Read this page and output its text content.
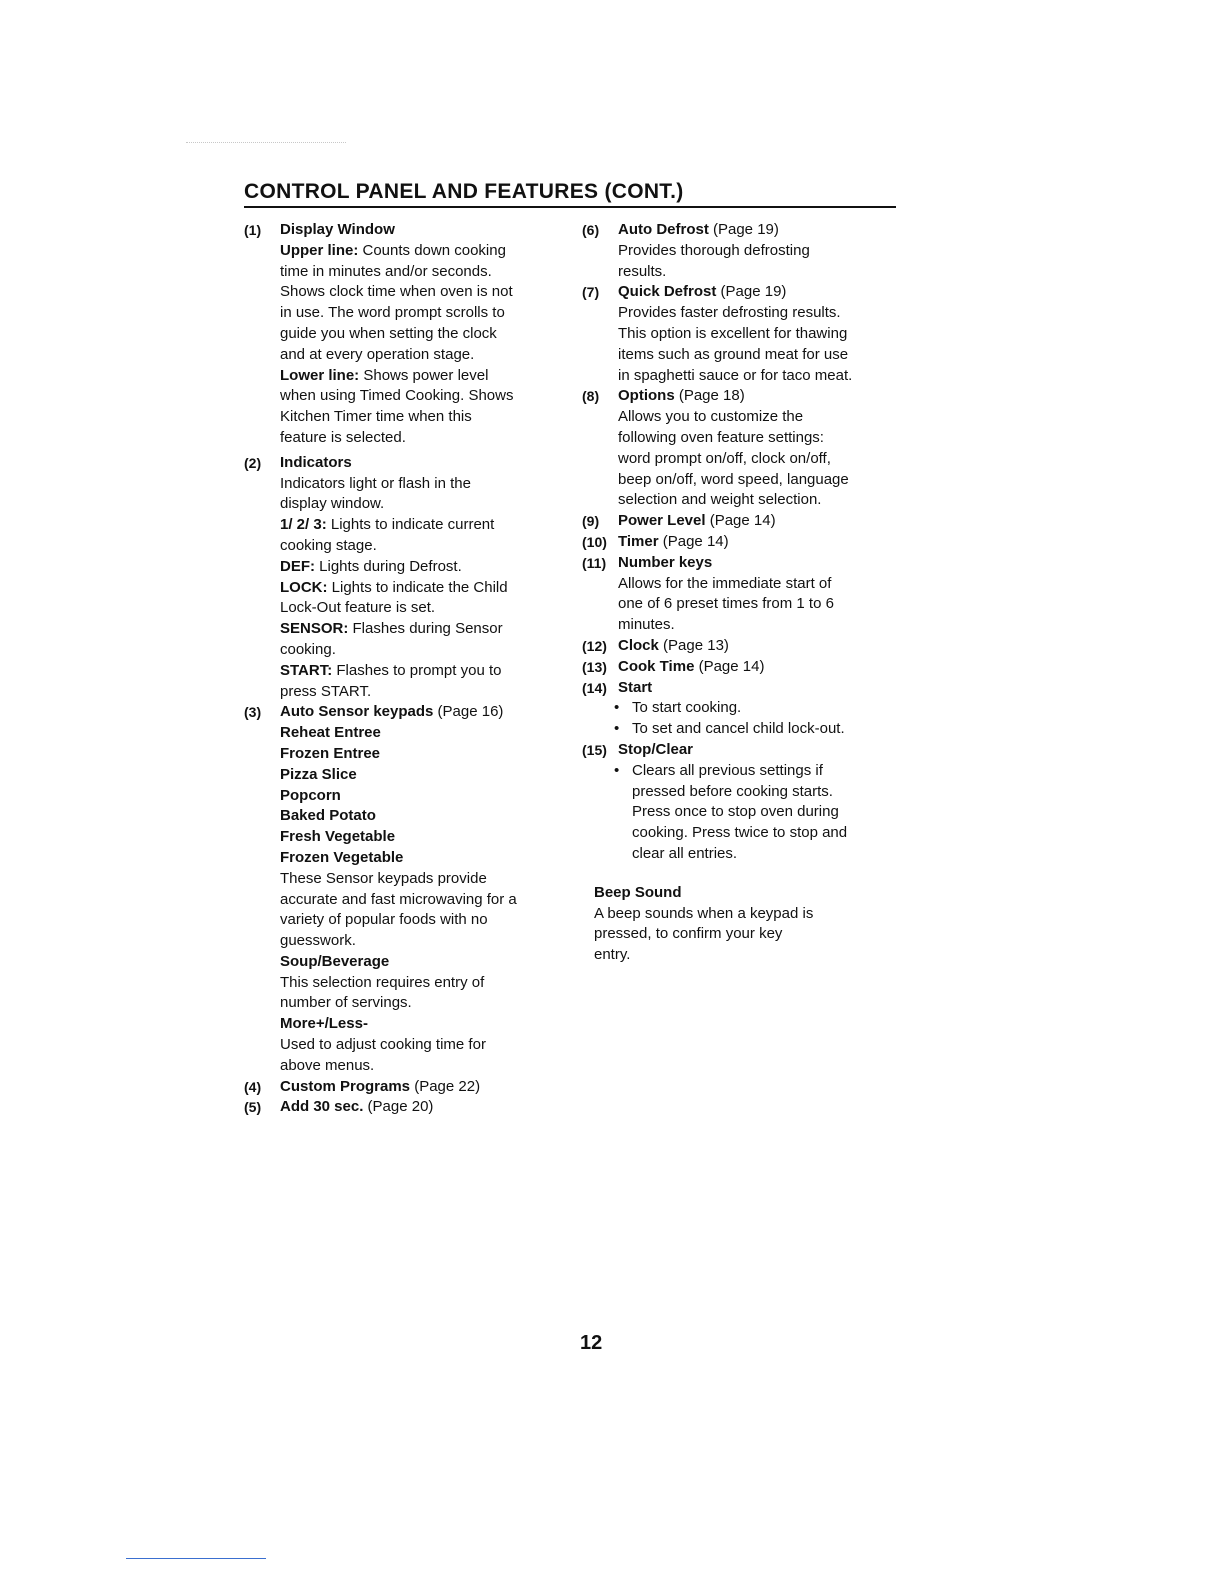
CONTROL PANEL AND FEATURES (CONT.)
(1) Display Window
Upper line: Counts down cooking
time in minutes and/or seconds.
Shows clock time when oven is not
in use. The word prompt scrolls to
guide you when setting the clock
and at every operation stage.
Lower line: Shows power level
when using Timed Cooking. Shows
Kitchen Timer time when this
feature is selected.
(2) Indicators
Indicators light or flash in the
display window.
1/ 2/ 3: Lights to indicate current
cooking stage.
DEF: Lights during Defrost.
LOCK: Lights to indicate the Child
Lock-Out feature is set.
SENSOR: Flashes during Sensor
cooking.
START: Flashes to prompt you to
press START.
(3) Auto Sensor keypads (Page 16)
Reheat Entree
Frozen Entree
Pizza Slice
Popcorn
Baked Potato
Fresh Vegetable
Frozen Vegetable
These Sensor keypads provide
accurate and fast microwaving for a
variety of popular foods with no
guesswork.
Soup/Beverage
This selection requires entry of
number of servings.
More+/Less-
Used to adjust cooking time for
above menus.
(4) Custom Programs (Page 22)
(5) Add 30 sec. (Page 20)
(6) Auto Defrost (Page 19)
Provides thorough defrosting
results.
(7) Quick Defrost (Page 19)
Provides faster defrosting results.
This option is excellent for thawing
items such as ground meat for use
in spaghetti sauce or for taco meat.
(8) Options (Page 18)
Allows you to customize the
following oven feature settings:
word prompt on/off, clock on/off,
beep on/off, word speed, language
selection and weight selection.
(9) Power Level (Page 14)
(10) Timer (Page 14)
(11) Number keys
Allows for the immediate start of
one of 6 preset times from 1 to 6
minutes.
(12) Clock (Page 13)
(13) Cook Time (Page 14)
(14) Start
• To start cooking.
• To set and cancel child lock-out.
(15) Stop/Clear
• Clears all previous settings if
pressed before cooking starts.
Press once to stop oven during
cooking. Press twice to stop and
clear all entries.
Beep Sound
A beep sounds when a keypad is
pressed, to confirm your key
entry.
12
